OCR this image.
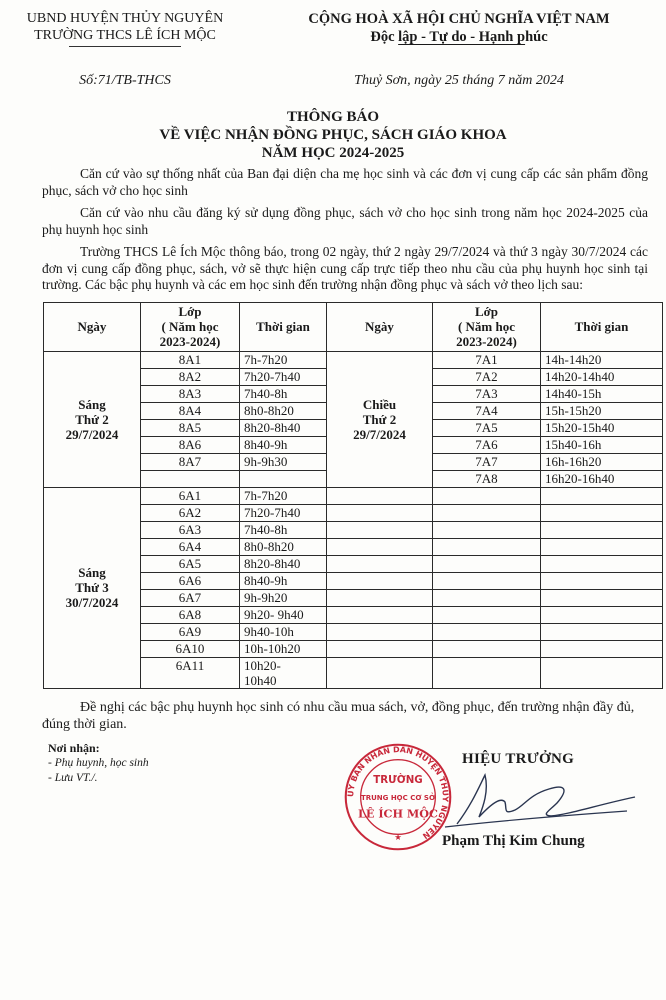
UBND HUYỆN THỦY NGUYÊN
TRƯỜNG THCS LÊ ÍCH MỘC
CỘNG HOÀ XÃ HỘI CHỦ NGHĨA VIỆT NAM
Độc lập - Tự do - Hạnh phúc
Số:71/TB-THCS	Thuỷ Sơn, ngày 25 tháng 7 năm 2024
THÔNG BÁO
VỀ VIỆC NHẬN ĐỒNG PHỤC, SÁCH GIÁO KHOA
NĂM HỌC 2024-2025
Căn cứ vào sự thống nhất của Ban đại diện cha mẹ học sinh và các đơn vị cung cấp các sản phẩm đồng phục, sách vở cho học sinh
Căn cứ vào nhu cầu đăng ký sử dụng đồng phục, sách vở cho học sinh trong năm học 2024-2025 của phụ huynh học sinh
Trường THCS Lê Ích Mộc thông báo, trong 02 ngày, thứ 2 ngày 29/7/2024 và thứ 3 ngày 30/7/2024 các đơn vị cung cấp đồng phục, sách, vở sẽ thực hiện cung cấp trực tiếp theo nhu cầu của phụ huynh học sinh tại trường. Các bậc phụ huynh và các em học sinh đến trường nhận đồng phục và sách vở theo lịch sau:
Ngày	Lớp
( Năm học
2023-2024)	Thời gian	Ngày	Lớp
( Năm học
2023-2024)	Thời gian
Sáng
Thứ 2
29/7/2024	8A1	7h-7h20	Chiều
Thứ 2
29/7/2024	7A1	14h-14h20
	8A2	7h20-7h40		7A2	14h20-14h40
	8A3	7h40-8h		7A3	14h40-15h
	8A4	8h0-8h20		7A4	15h-15h20
	8A5	8h20-8h40		7A5	15h20-15h40
	8A6	8h40-9h		7A6	15h40-16h
	8A7	9h-9h30		7A7	16h-16h20
				7A8	16h20-16h40
Sáng
Thứ 3
30/7/2024	6A1	7h-7h20			
	6A2	7h20-7h40			
	6A3	7h40-8h			
	6A4	8h0-8h20			
	6A5	8h20-8h40			
	6A6	8h40-9h			
	6A7	9h-9h20			
	6A8	9h20- 9h40			
	6A9	9h40-10h			
	6A10	10h-10h20			
	6A11	10h20-
10h40			
Đề nghị các bậc phụ huynh học sinh có nhu cầu mua sách, vở, đồng phục, đến trường nhận đầy đủ, đúng thời gian.
Nơi nhận:
- Phụ huynh, học sinh
- Lưu VT./.
UỶ BAN NHÂN DÂN HUYỆN THỦY NGUYÊN
TRƯỜNG
TRUNG HỌC CƠ SỞ
LÊ ÍCH MỘC
★
HIỆU TRƯỞNG
Phạm Thị Kim Chung
